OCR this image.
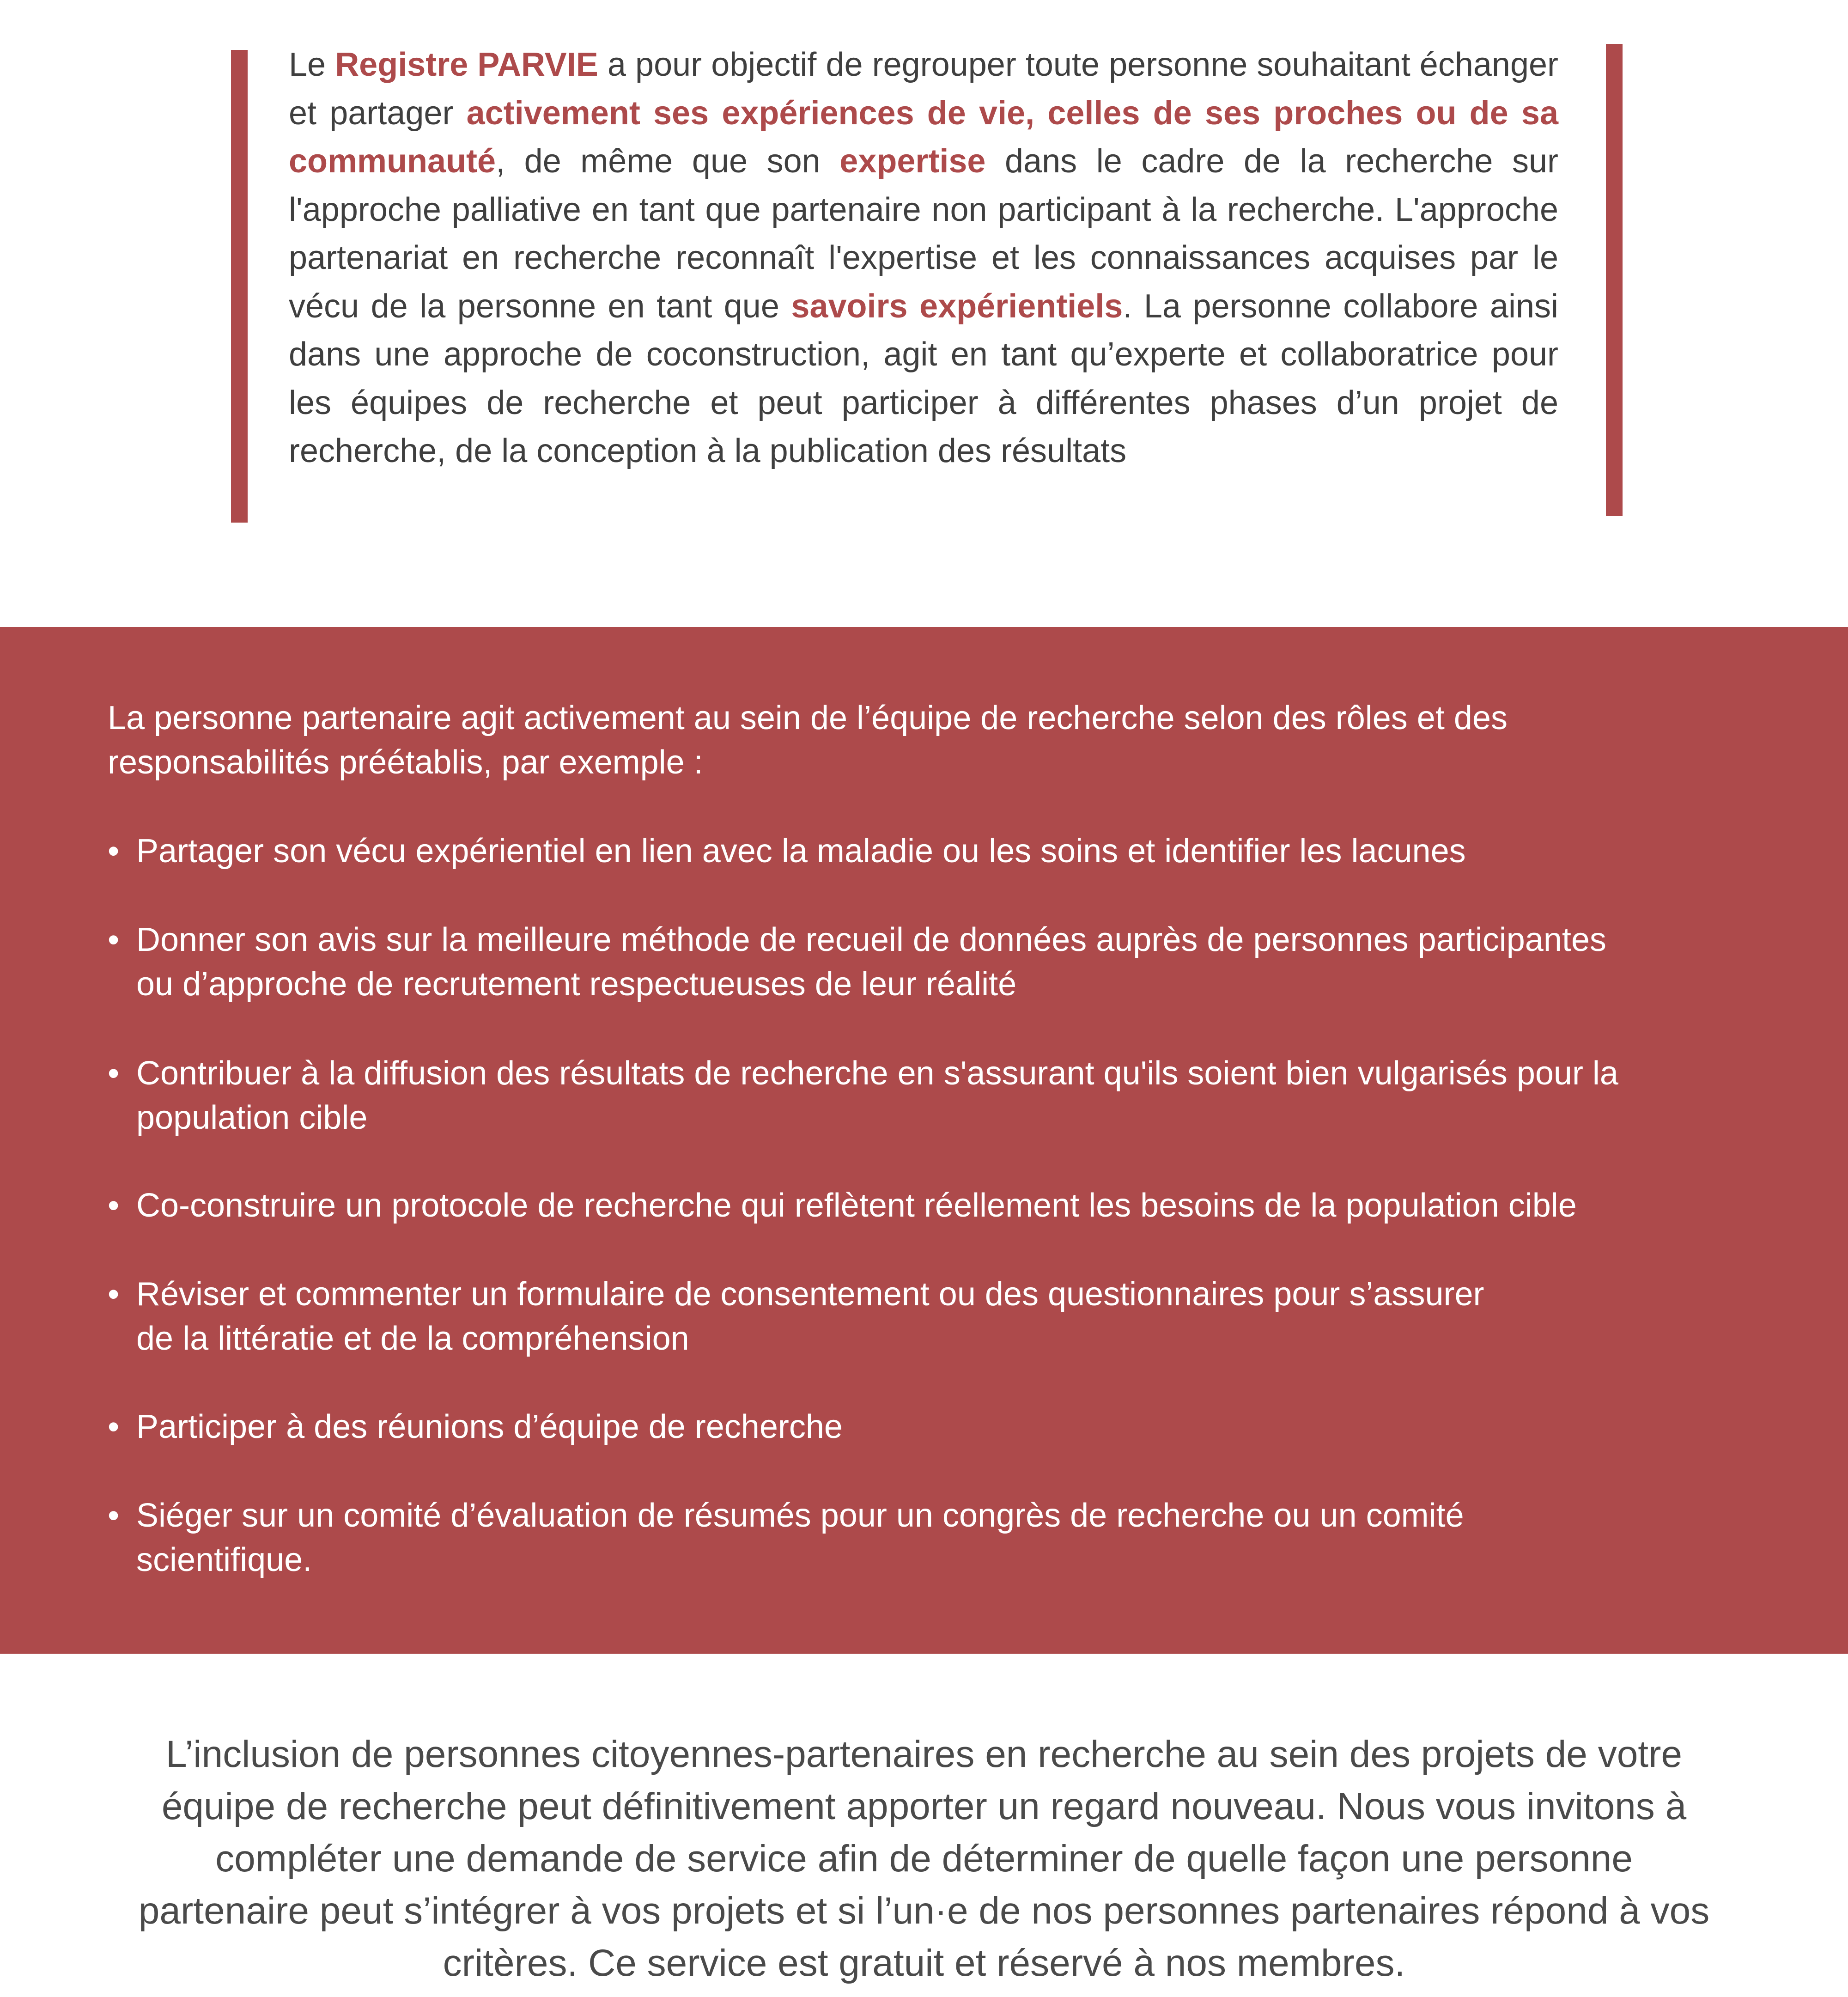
Le Registre PARVIE a pour objectif de regrouper toute personne souhaitant échanger et partager activement ses expériences de vie, celles de ses proches ou de sa communauté, de même que son expertise dans le cadre de la recherche sur l'approche palliative en tant que partenaire non participant à la recherche. L'approche partenariat en recherche reconnaît l'expertise et les connaissances acquises par le vécu de la personne en tant que savoirs expérientiels. La personne collabore ainsi dans une approche de coconstruction, agit en tant qu’experte et collaboratrice pour les équipes de recherche et peut participer à différentes phases d’un projet de recherche, de la conception à la publication des résultats

La personne partenaire agit activement au sein de l’équipe de recherche selon des rôles et des
responsabilités préétablis, par exemple :

• Partager son vécu expérientiel en lien avec la maladie ou les soins et identifier les lacunes
• Donner son avis sur la meilleure méthode de recueil de données auprès de personnes participantes
ou d’approche de recrutement respectueuses de leur réalité
• Contribuer à la diffusion des résultats de recherche en s'assurant qu'ils soient bien vulgarisés pour la
population cible
• Co-construire un protocole de recherche qui reflètent réellement les besoins de la population cible
• Réviser et commenter un formulaire de consentement ou des questionnaires pour s’assurer
de la littératie et de la compréhension
• Participer à des réunions d’équipe de recherche
• Siéger sur un comité d’évaluation de résumés pour un congrès de recherche ou un comité
scientifique.

L’inclusion de personnes citoyennes-partenaires en recherche au sein des projets de votre
équipe de recherche peut définitivement apporter un regard nouveau. Nous vous invitons à
compléter une demande de service afin de déterminer de quelle façon une personne
partenaire peut s’intégrer à vos projets et si l’un·e de nos personnes partenaires répond à vos
critères. Ce service est gratuit et réservé à nos membres.
